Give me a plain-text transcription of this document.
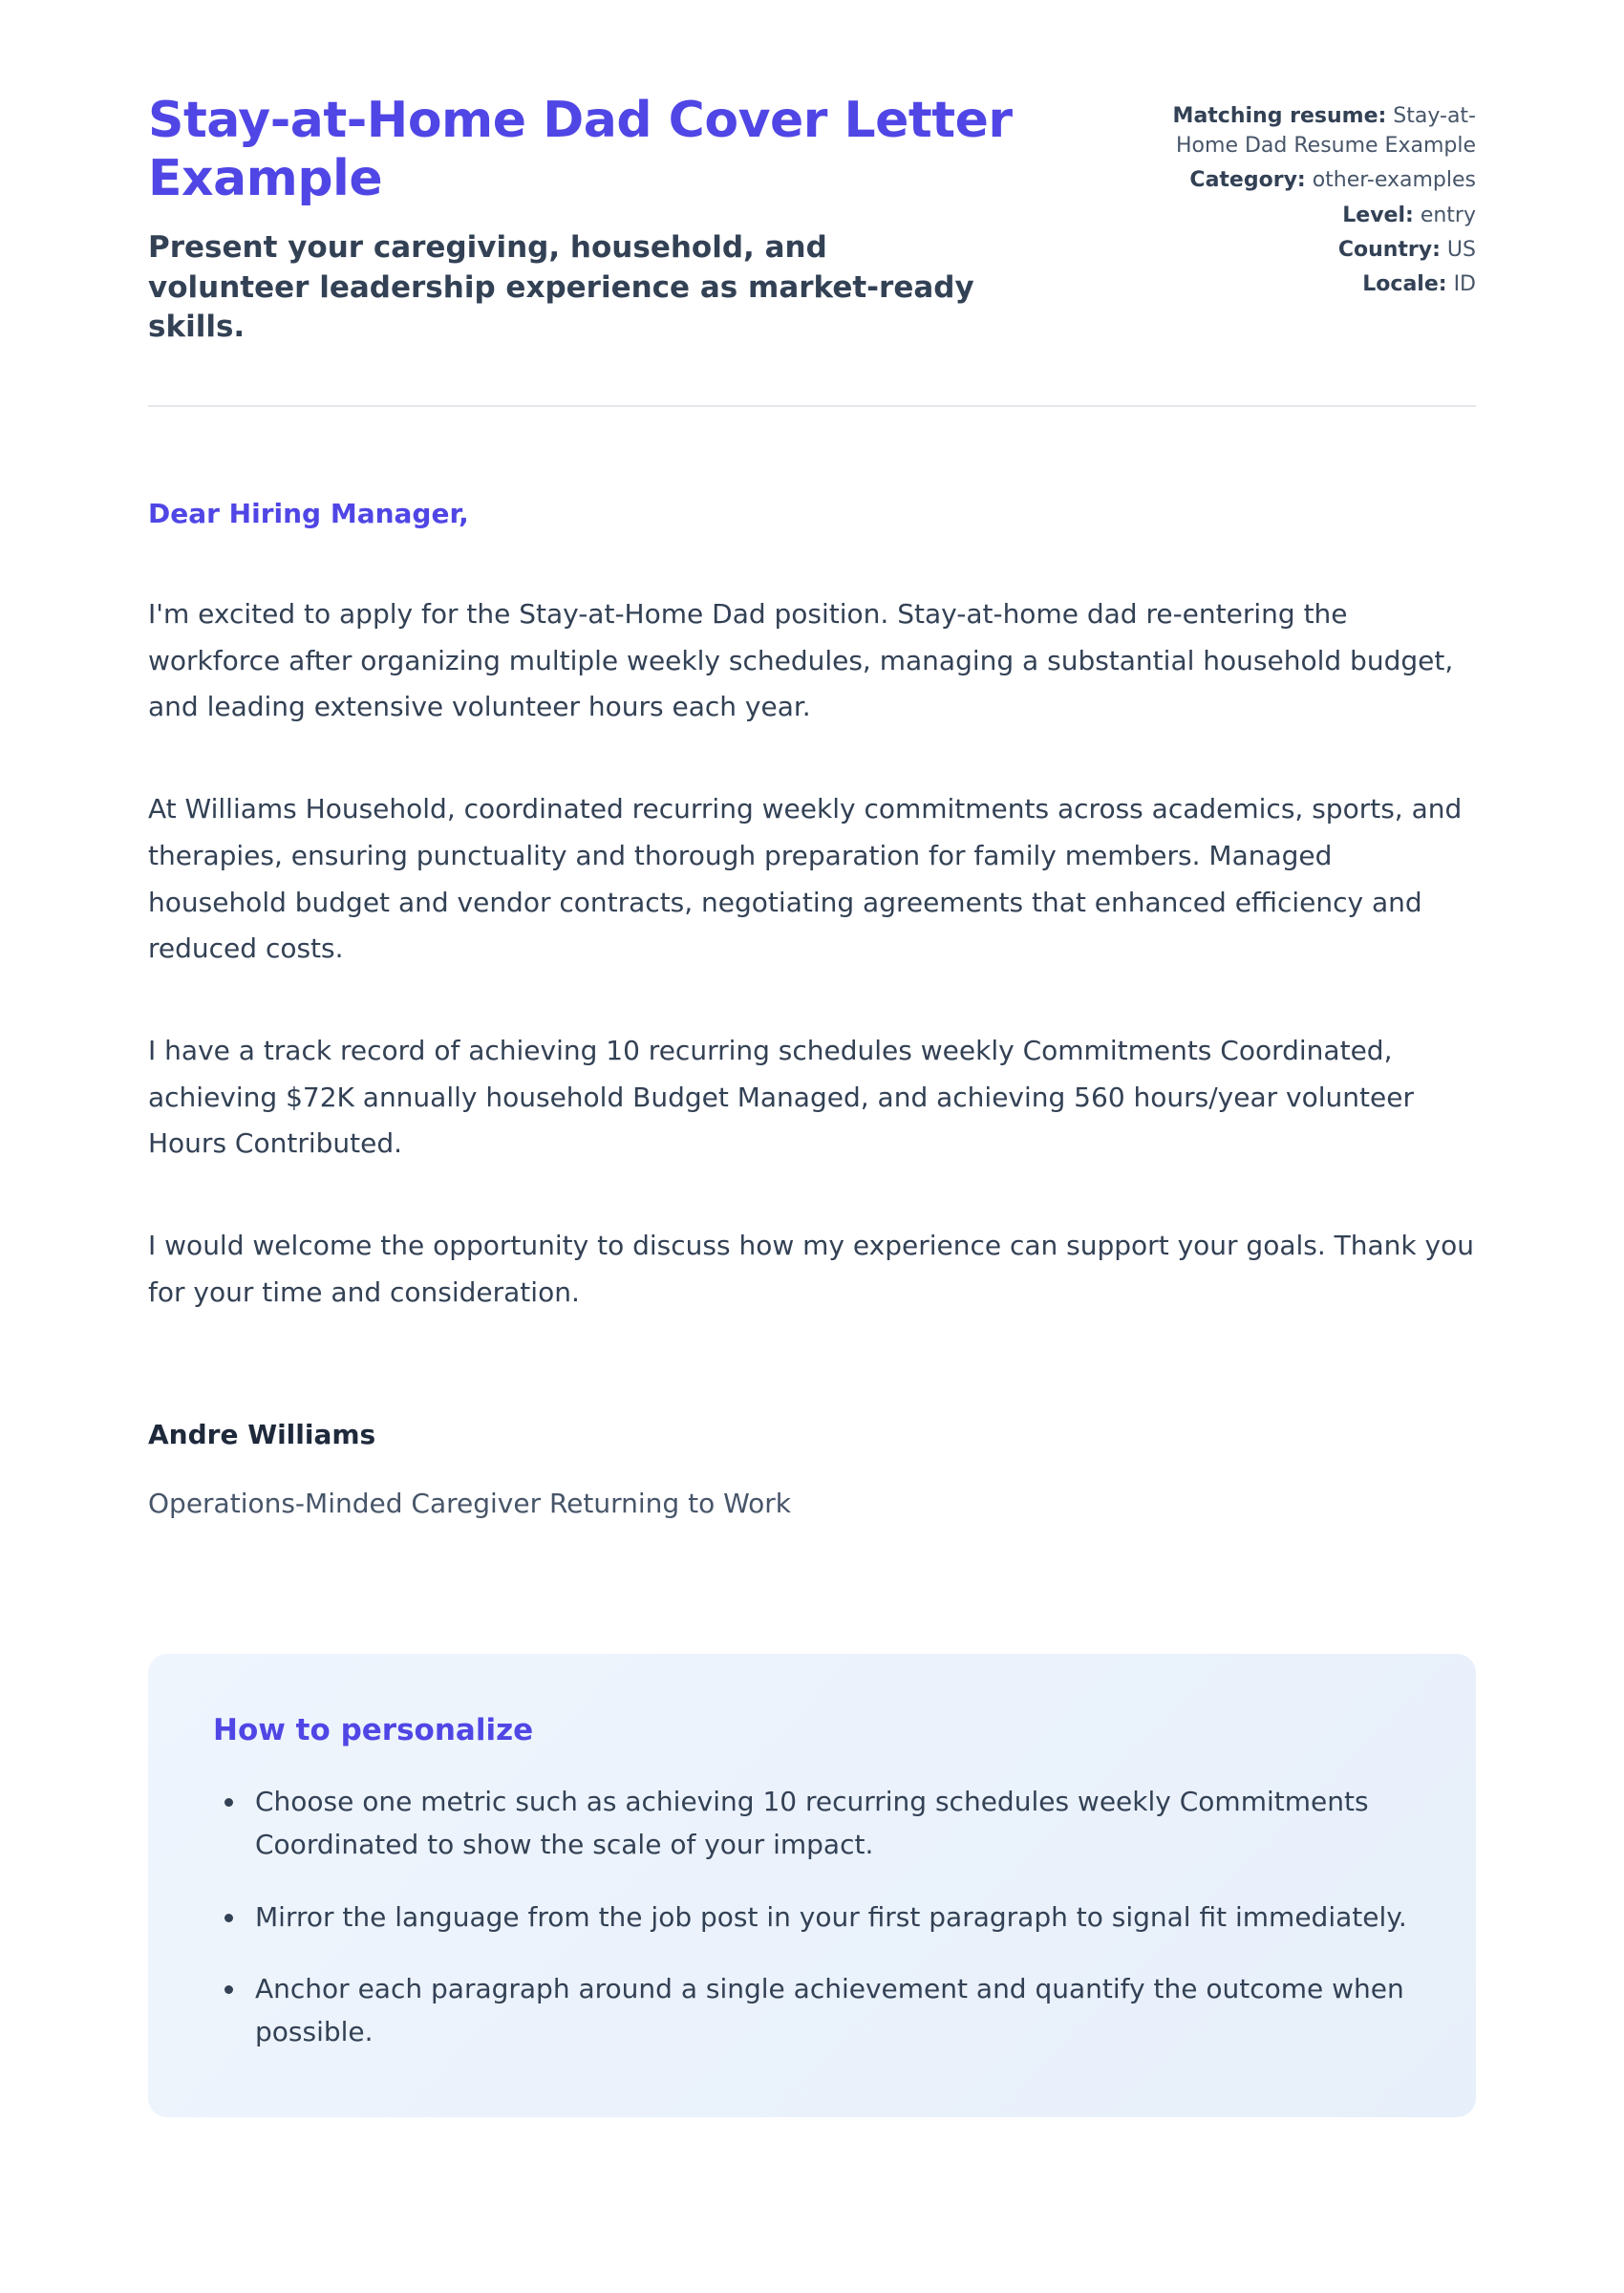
Stay-at-Home Dad Cover Letter Example

Present your caregiving, household, and volunteer leadership experience as market-ready skills.

Matching resume: Stay-at-Home Dad Resume Example
Category: other-examples
Level: entry
Country: US
Locale: ID

Dear Hiring Manager,

I'm excited to apply for the Stay-at-Home Dad position. Stay-at-home dad re-entering the workforce after organizing multiple weekly schedules, managing a substantial household budget, and leading extensive volunteer hours each year.

At Williams Household, coordinated recurring weekly commitments across academics, sports, and therapies, ensuring punctuality and thorough preparation for family members. Managed household budget and vendor contracts, negotiating agreements that enhanced efficiency and reduced costs.

I have a track record of achieving 10 recurring schedules weekly Commitments Coordinated, achieving $72K annually household Budget Managed, and achieving 560 hours/year volunteer Hours Contributed.

I would welcome the opportunity to discuss how my experience can support your goals. Thank you for your time and consideration.

Andre Williams

Operations-Minded Caregiver Returning to Work

How to personalize
• Choose one metric such as achieving 10 recurring schedules weekly Commitments Coordinated to show the scale of your impact.
• Mirror the language from the job post in your first paragraph to signal fit immediately.
• Anchor each paragraph around a single achievement and quantify the outcome when possible.
